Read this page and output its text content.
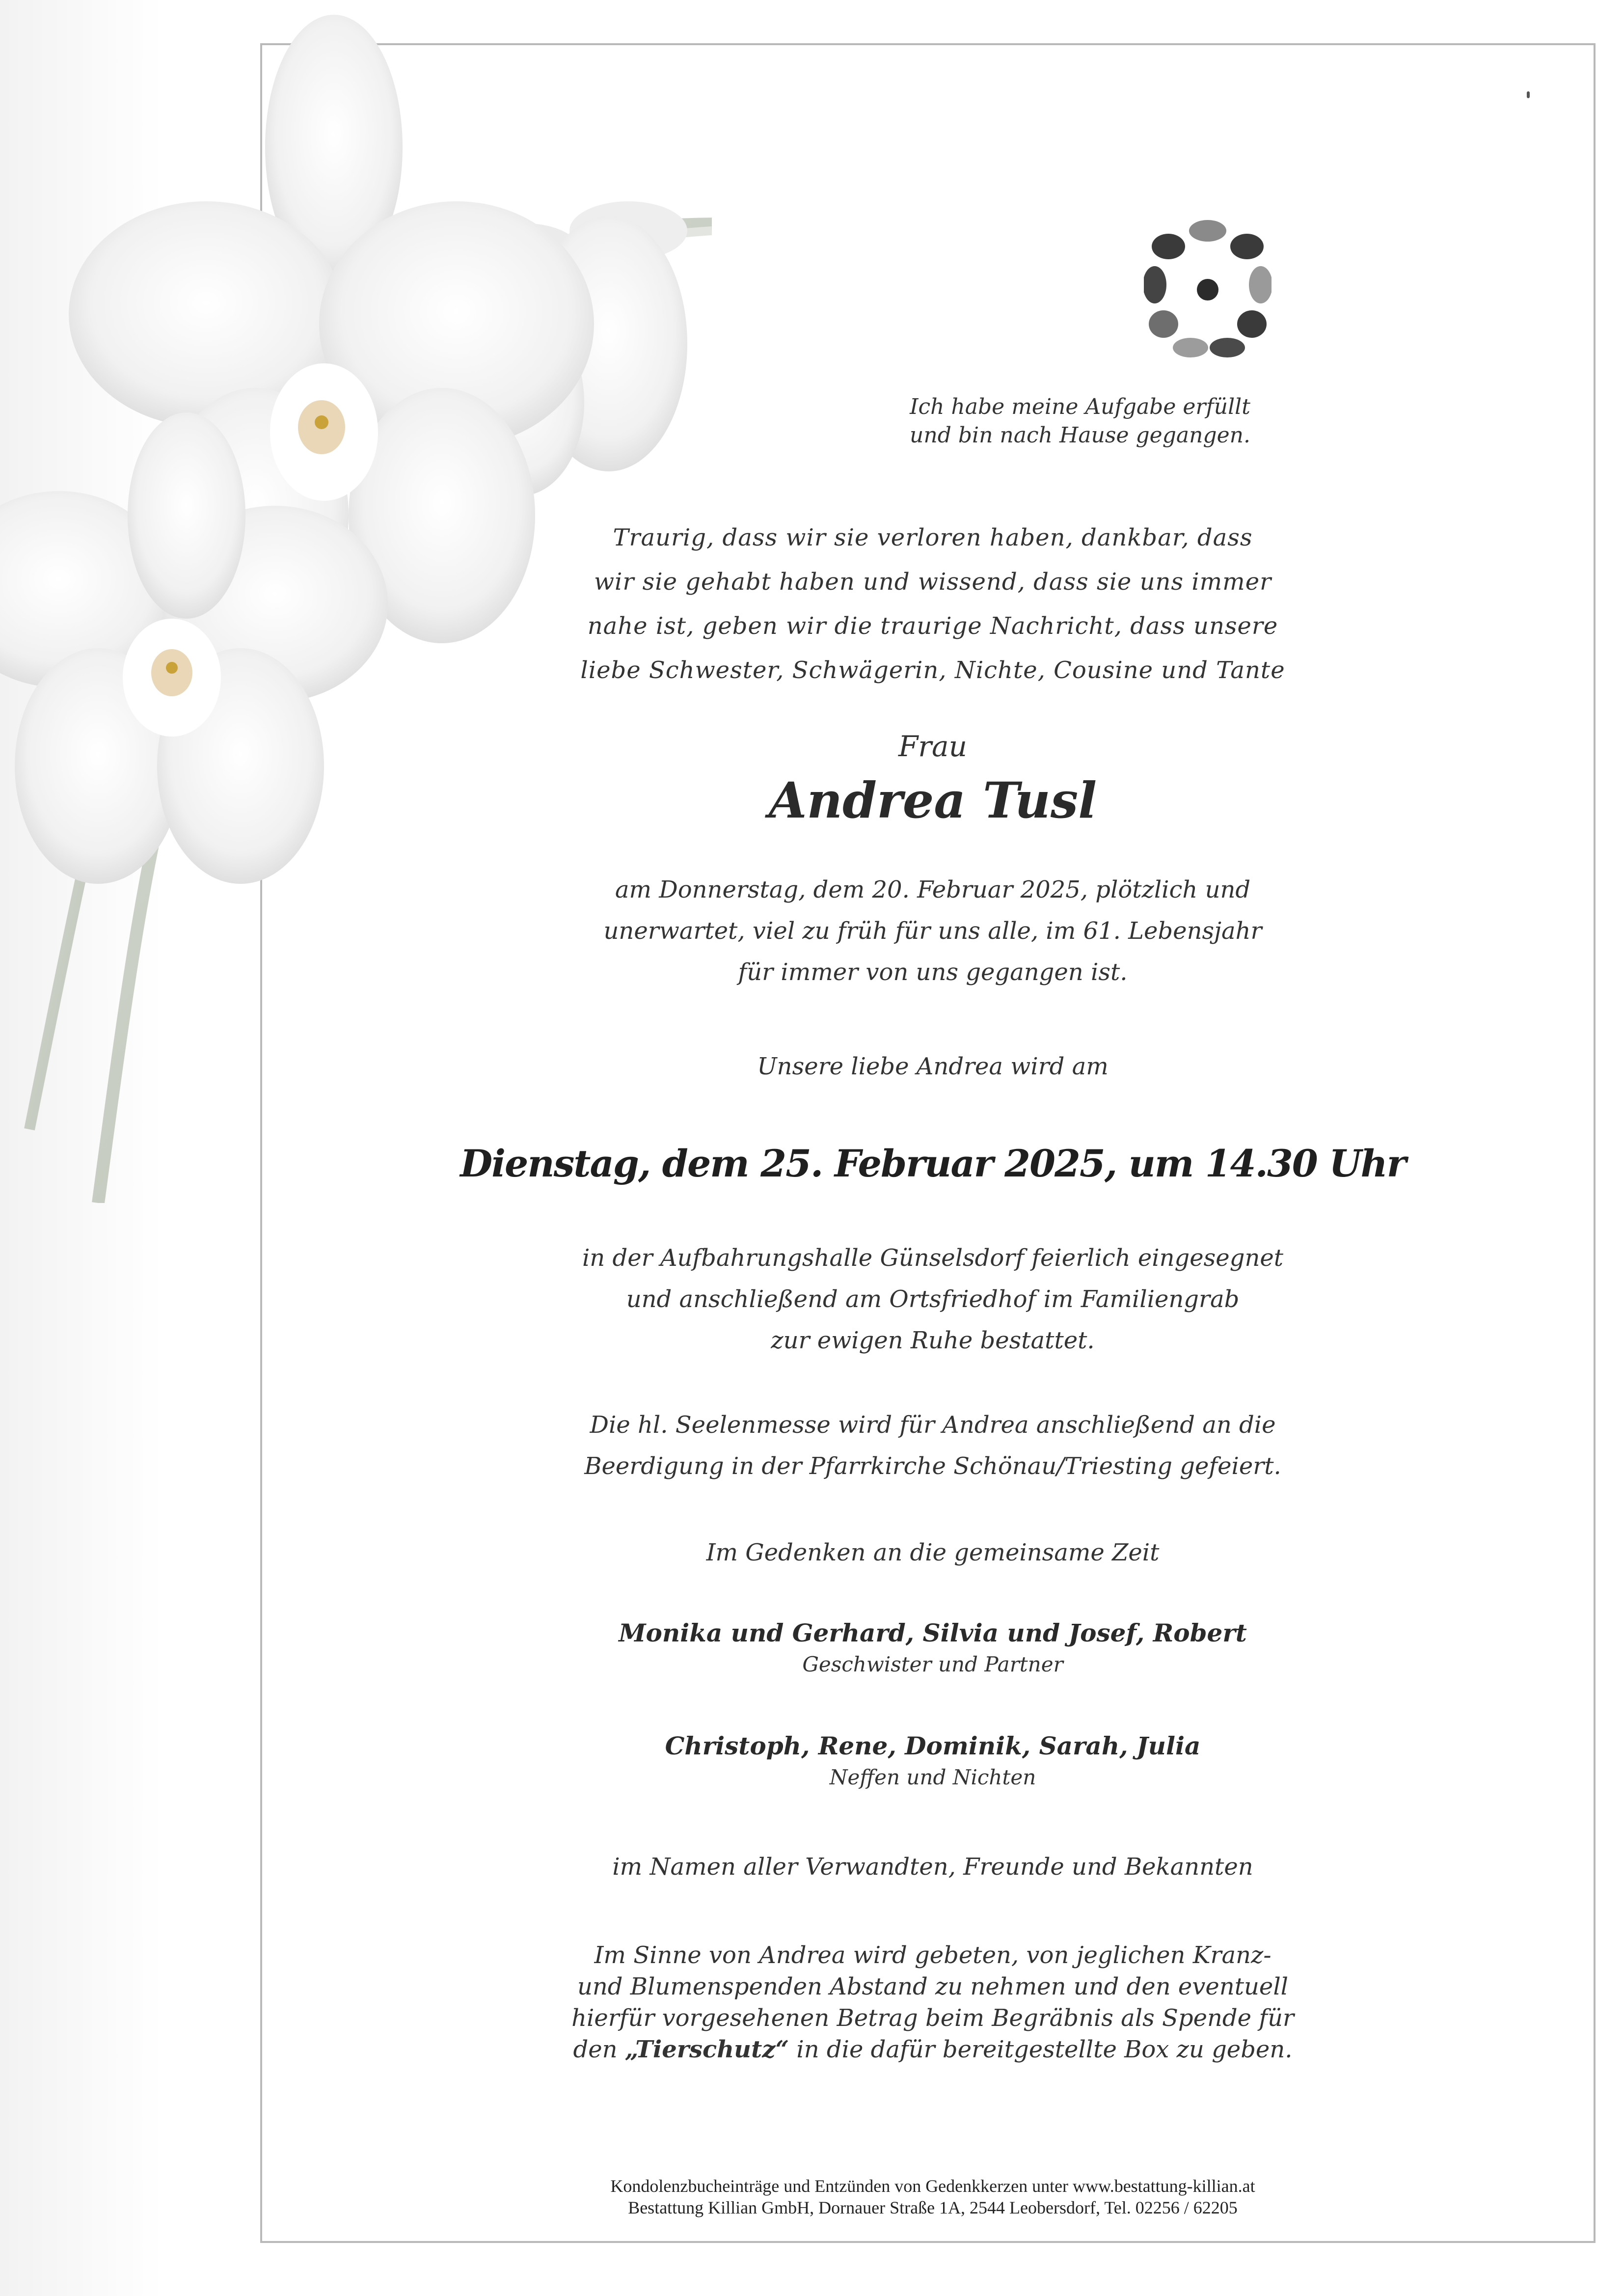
Ich habe meine Aufgabe erfüllt

und bin nach Hause gegangen.

Traurig, dass wir sie verloren haben, dankbar, dass

wir sie gehabt haben und wissend, dass sie uns immer

nahe ist, geben wir die traurige Nachricht, dass unsere

liebe Schwester, Schwägerin, Nichte, Cousine und Tante

Frau
Andrea Tusl

am Donnerstag, dem 20. Februar 2025, plötzlich und

unerwartet, viel zu früh für uns alle, im 61. Lebensjahr

für immer von uns gegangen ist.

Unsere liebe Andrea wird am
Dienstag, dem 25. Februar 2025, um 14.30 Uhr

in der Aufbahrungshalle Günselsdorf feierlich eingesegnet

und anschließend am Ortsfriedhof im Familiengrab

zur ewigen Ruhe bestattet.

Die hl. Seelenmesse wird für Andrea anschließend an die

Beerdigung in der Pfarrkirche Schönau/Triesting gefeiert.

Im Gedenken an die gemeinsame Zeit

Monika und Gerhard, Silvia und Josef, Robert

Geschwister und Partner

Christoph, Rene, Dominik, Sarah, Julia

Neffen und Nichten

im Namen aller Verwandten, Freunde und Bekannten

Im Sinne von Andrea wird gebeten, von jeglichen Kranz-

und Blumenspenden Abstand zu nehmen und den eventuell

hierfür vorgesehenen Betrag beim Begräbnis als Spende für

den „Tierschutz“ in die dafür bereitgestellte Box zu geben.

Kondolenzbucheinträge und Entzünden von Gedenkkerzen unter www.bestattung-killian.at

Bestattung Killian GmbH, Dornauer Straße 1A, 2544 Leobersdorf, Tel. 02256 / 62205
